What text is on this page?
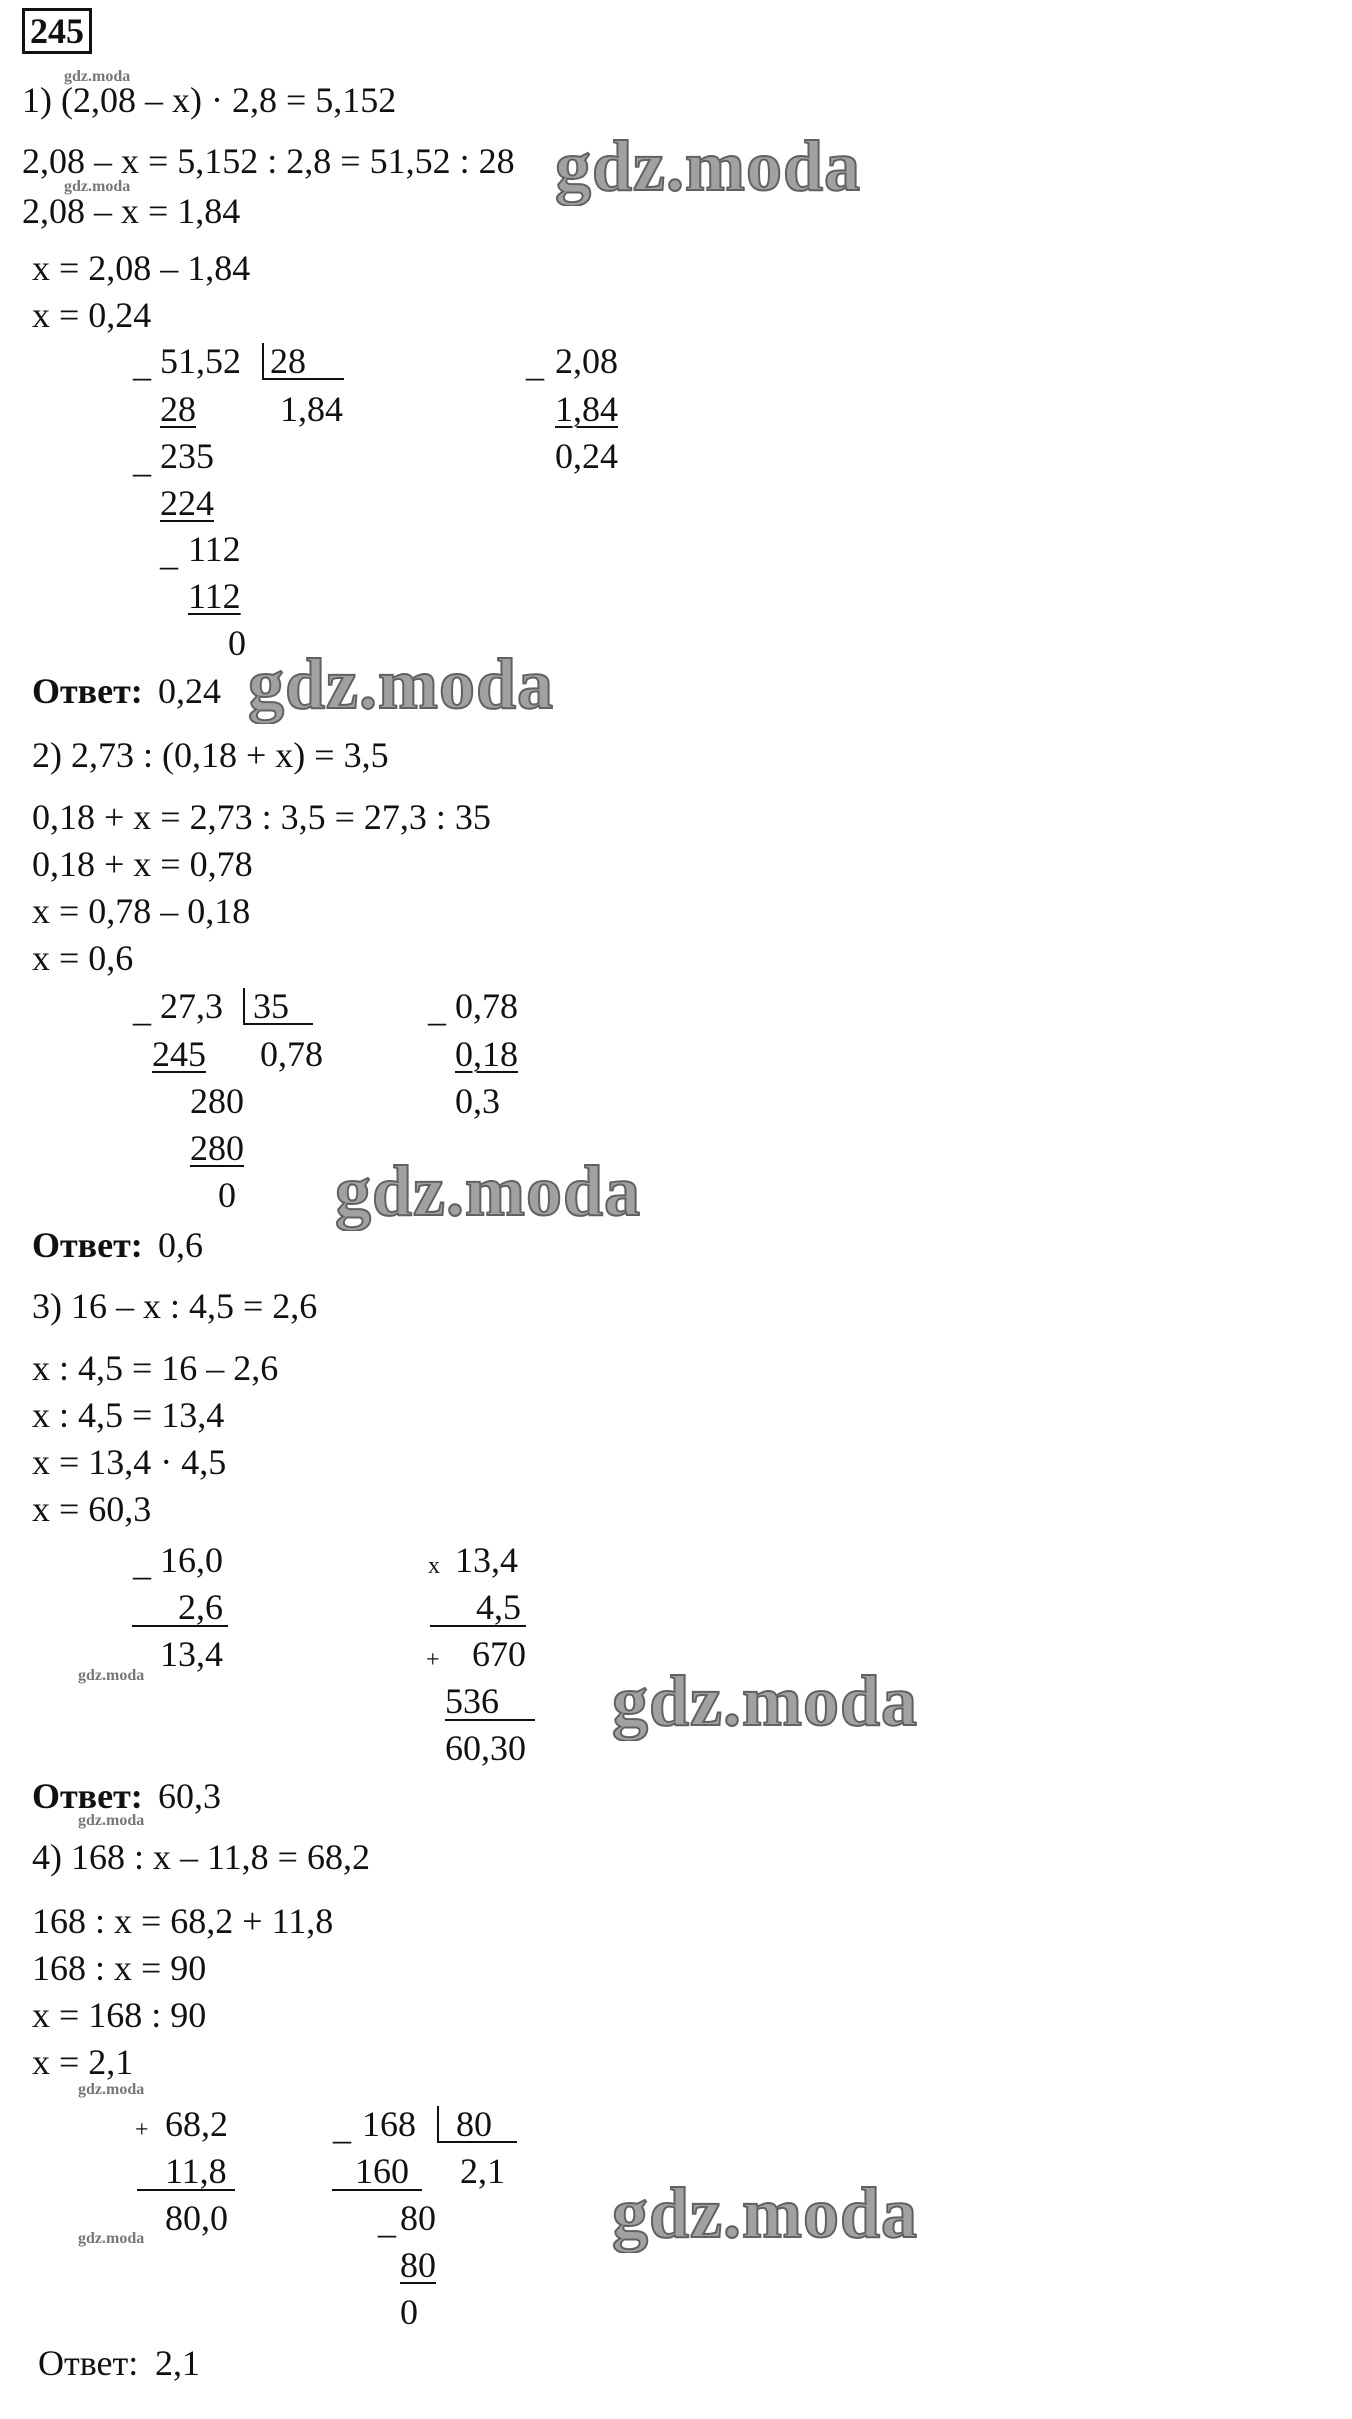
245
gdz.moda
1) (2,08 – x) · 2,8 = 5,152
2,08 – x = 5,152 : 2,8 = 51,52 : 28
gdz.moda	gdz.moda
2,08 – x = 1,84
x = 2,08 – 1,84
x = 0,24
_ 51,52 28
28 1,84
_ 235
224
_ 112
112
0
_ 2,08
1,84
0,24
Ответ: 0,24 gdz.moda
2) 2,73 : (0,18 + x) = 3,5
0,18 + x = 2,73 : 3,5 = 27,3 : 35
0,18 + x = 0,78
x = 0,78 – 0,18
x = 0,6
_ 27,3 35
245 0,78
280
280
0
_ 0,78
0,18
0,3
gdz.moda
Ответ: 0,6
3) 16 – x : 4,5 = 2,6
x : 4,5 = 16 – 2,6
x : 4,5 = 13,4
x = 13,4 · 4,5
x = 60,3
_ 16,0
2,6
13,4
gdz.moda
x 13,4
4,5
+ 670
536
60,30
gdz.moda
Ответ: 60,3
gdz.moda
4) 168 : x – 11,8 = 68,2
168 : x = 68,2 + 11,8
168 : x = 90
x = 168 : 90
x = 2,1
gdz.moda
+ 68,2
11,8
80,0
gdz.moda
_ 168 80
160 2,1
_ 80
80
0
gdz.moda
Ответ: 2,1
